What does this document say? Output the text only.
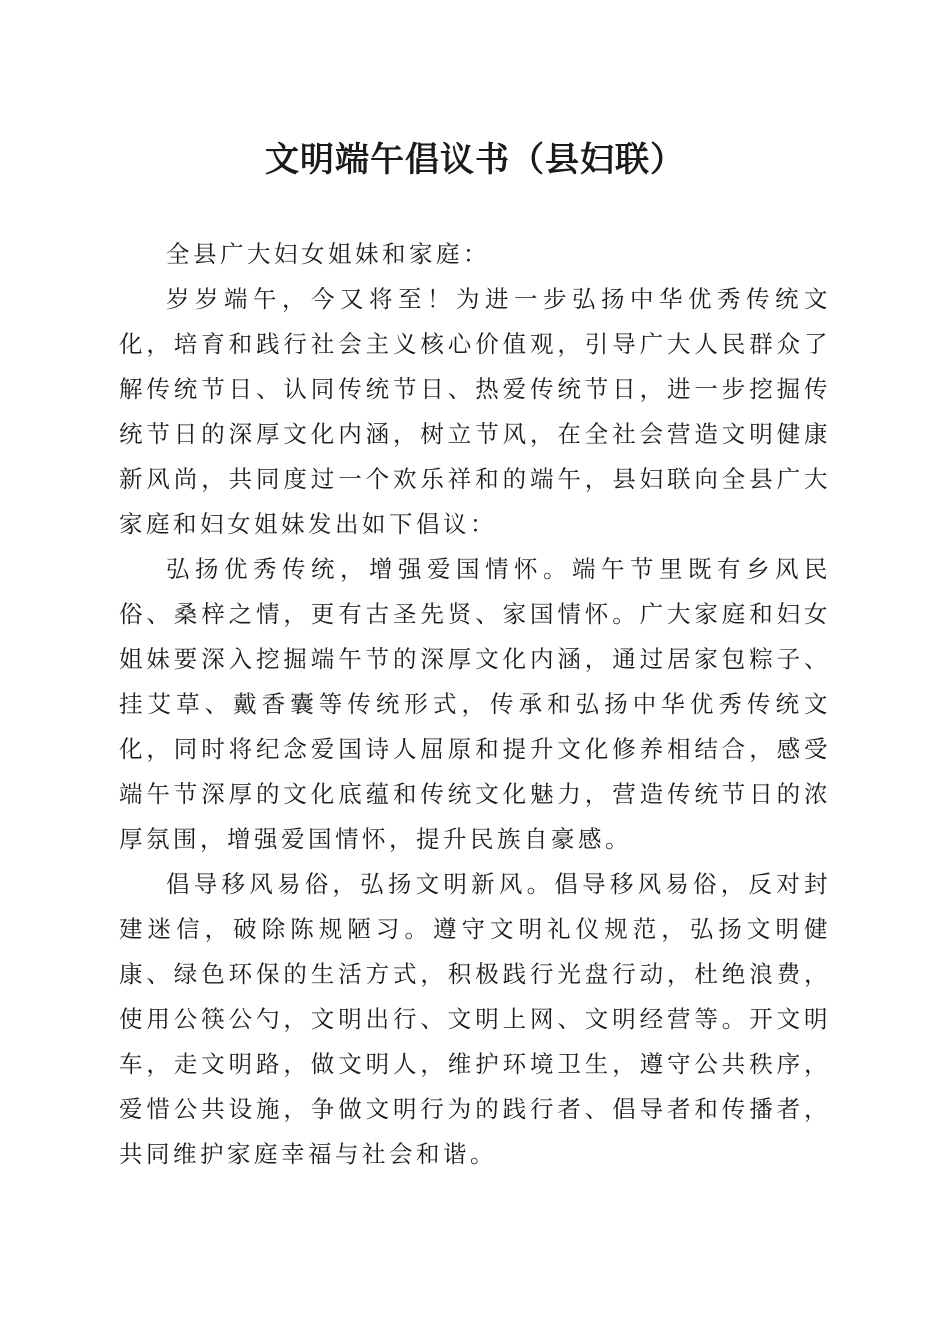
文明端午倡议书（县妇联）

全县广大妇女姐妹和家庭：

岁岁端午，今又将至！为进一步弘扬中华优秀传统文化，培育和践行社会主义核心价值观，引导广大人民群众了解传统节日、认同传统节日、热爱传统节日，进一步挖掘传统节日的深厚文化内涵，树立节风，在全社会营造文明健康新风尚，共同度过一个欢乐祥和的端午，县妇联向全县广大家庭和妇女姐妹发出如下倡议：

弘扬优秀传统，增强爱国情怀。端午节里既有乡风民俗、桑梓之情，更有古圣先贤、家国情怀。广大家庭和妇女姐妹要深入挖掘端午节的深厚文化内涵，通过居家包粽子、挂艾草、戴香囊等传统形式，传承和弘扬中华优秀传统文化，同时将纪念爱国诗人屈原和提升文化修养相结合，感受端午节深厚的文化底蕴和传统文化魅力，营造传统节日的浓厚氛围，增强爱国情怀，提升民族自豪感。

倡导移风易俗，弘扬文明新风。倡导移风易俗，反对封建迷信，破除陈规陋习。遵守文明礼仪规范，弘扬文明健康、绿色环保的生活方式，积极践行光盘行动，杜绝浪费，使用公筷公勺，文明出行、文明上网、文明经营等。开文明车，走文明路，做文明人，维护环境卫生，遵守公共秩序，爱惜公共设施，争做文明行为的践行者、倡导者和传播者，共同维护家庭幸福与社会和谐。
